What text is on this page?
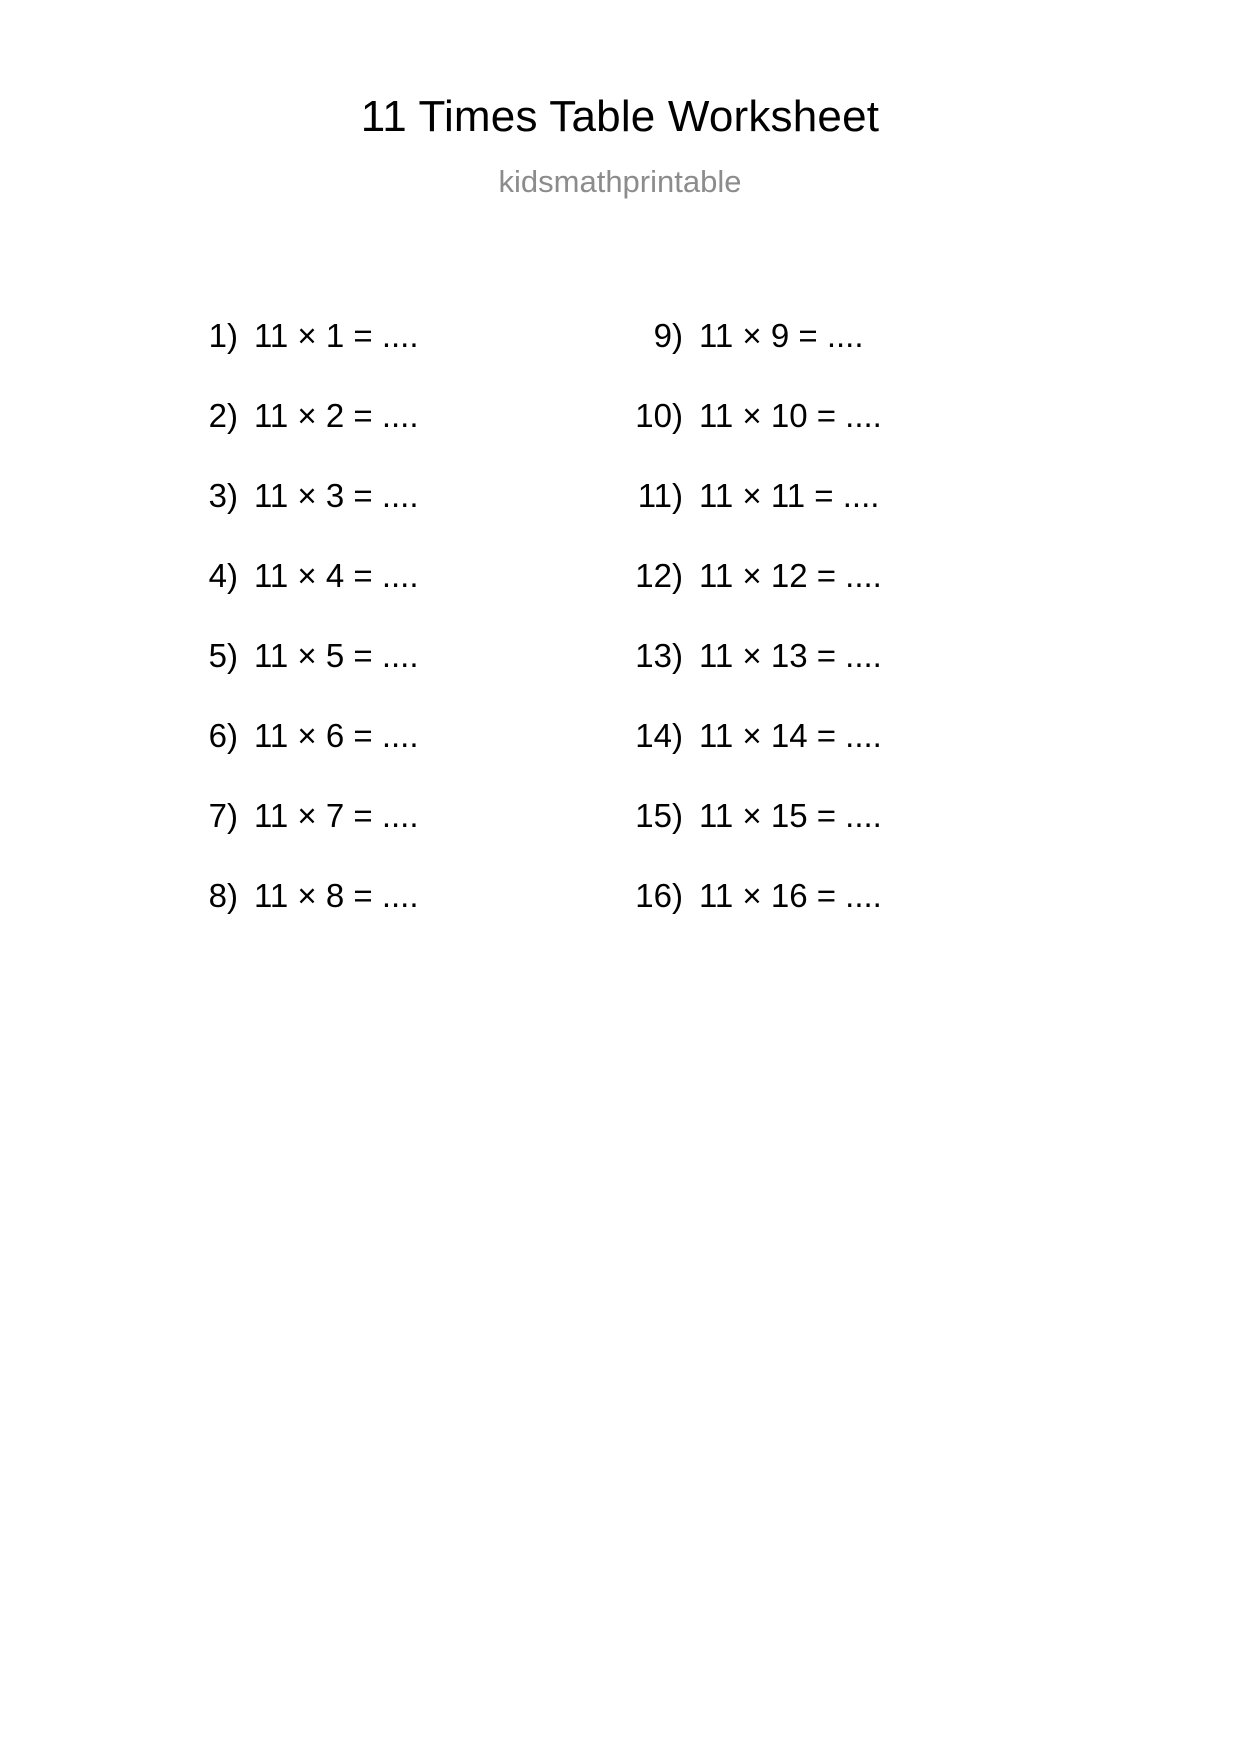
11 Times Table Worksheet
kidsmathprintable
1) 11 × 1 = ....
2) 11 × 2 = ....
3) 11 × 3 = ....
4) 11 × 4 = ....
5) 11 × 5 = ....
6) 11 × 6 = ....
7) 11 × 7 = ....
8) 11 × 8 = ....
9) 11 × 9 = ....
10) 11 × 10 = ....
11) 11 × 11 = ....
12) 11 × 12 = ....
13) 11 × 13 = ....
14) 11 × 14 = ....
15) 11 × 15 = ....
16) 11 × 16 = ....
